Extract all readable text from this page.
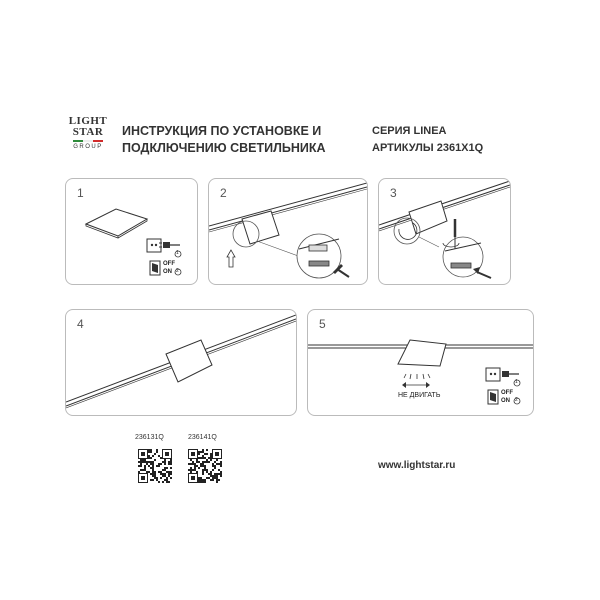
LIGHT
STAR
GROUP
ИНСТРУКЦИЯ ПО УСТАНОВКЕ И
ПОДКЛЮЧЕНИЮ СВЕТИЛЬНИКА
СЕРИЯ LINEA
АРТИКУЛЫ 2361X1Q
1
OFF
ON
1
2
2	3
4	5
НЕ ДВИГАТЬ	OFF
ON
1
2
236131Q	236141Q
www.lightstar.ru
